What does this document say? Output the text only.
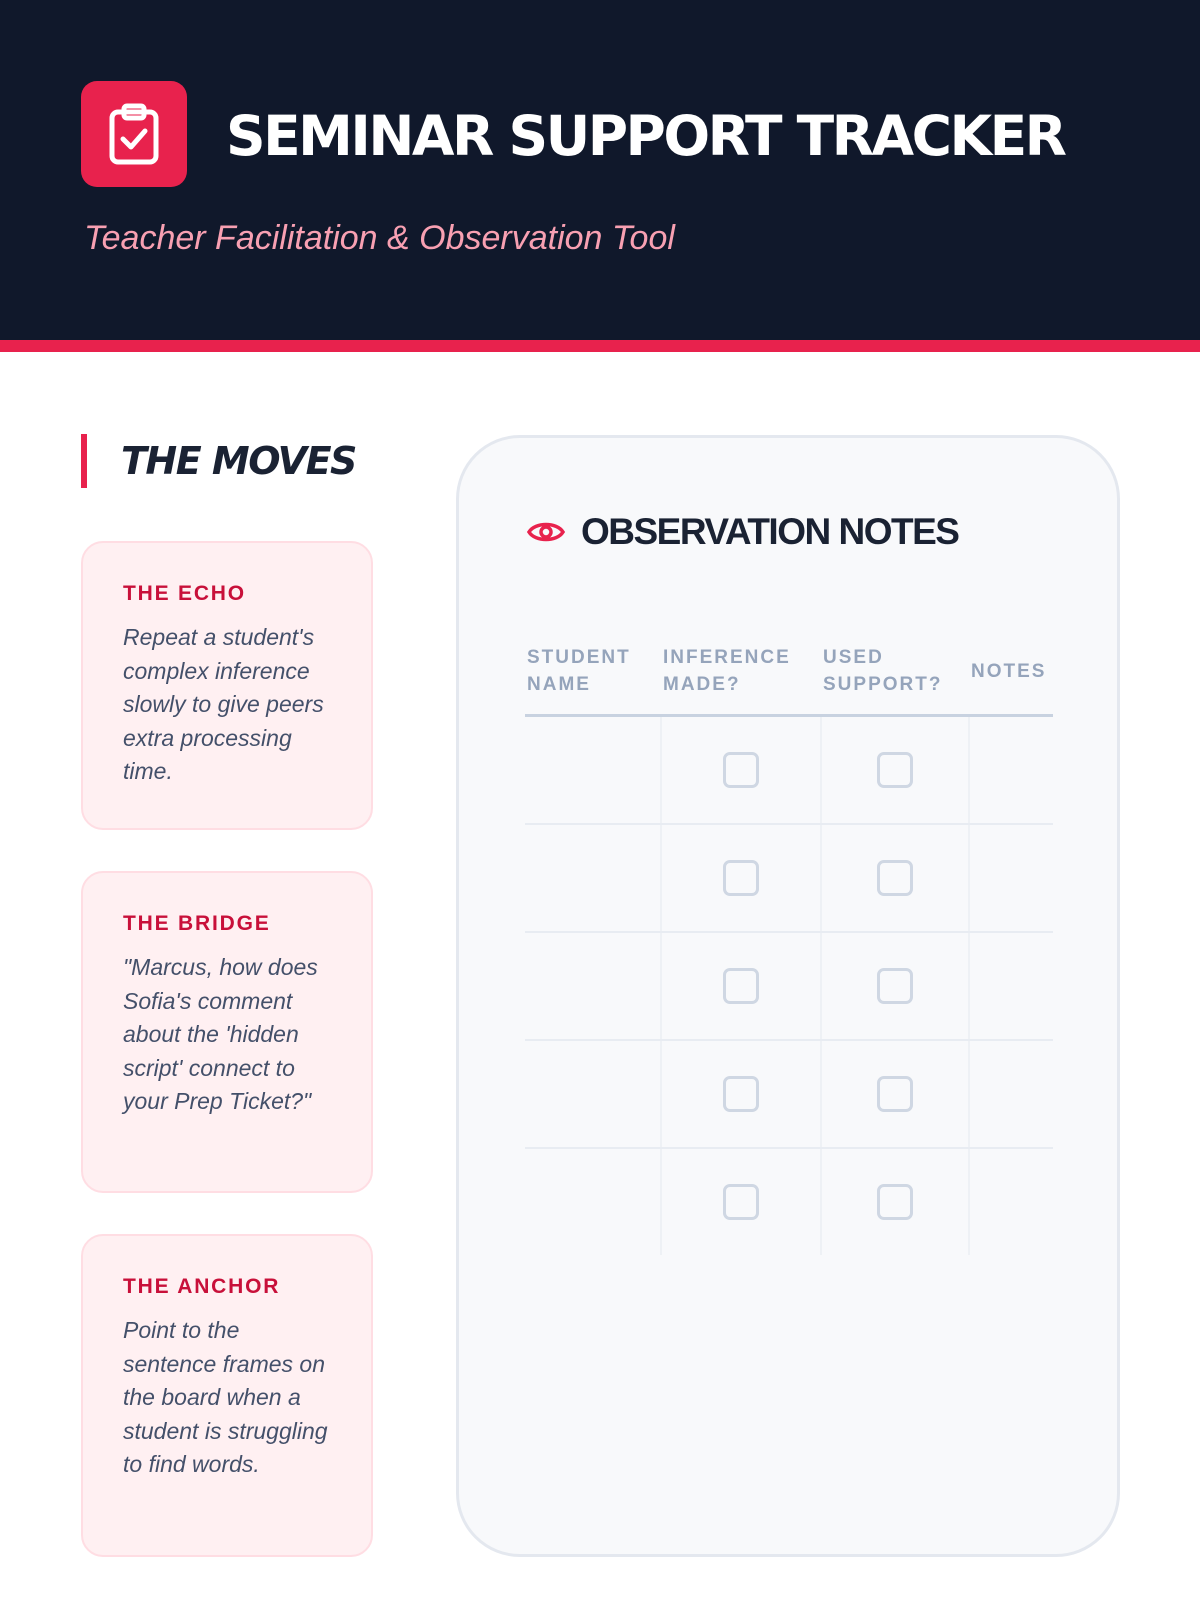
SEMINAR SUPPORT TRACKER

Teacher Facilitation & Observation Tool

THE MOVES
THE ECHO

Repeat a student's complex inference slowly to give peers extra processing time.

THE BRIDGE

"Marcus, how does Sofia's comment about the 'hidden script' connect to your Prep Ticket?"

THE ANCHOR

Point to the sentence frames on the board when a student is struggling to find words.

OBSERVATION NOTES
STUDENT NAME	INFERENCE MADE?	USED SUPPORT?	NOTES
